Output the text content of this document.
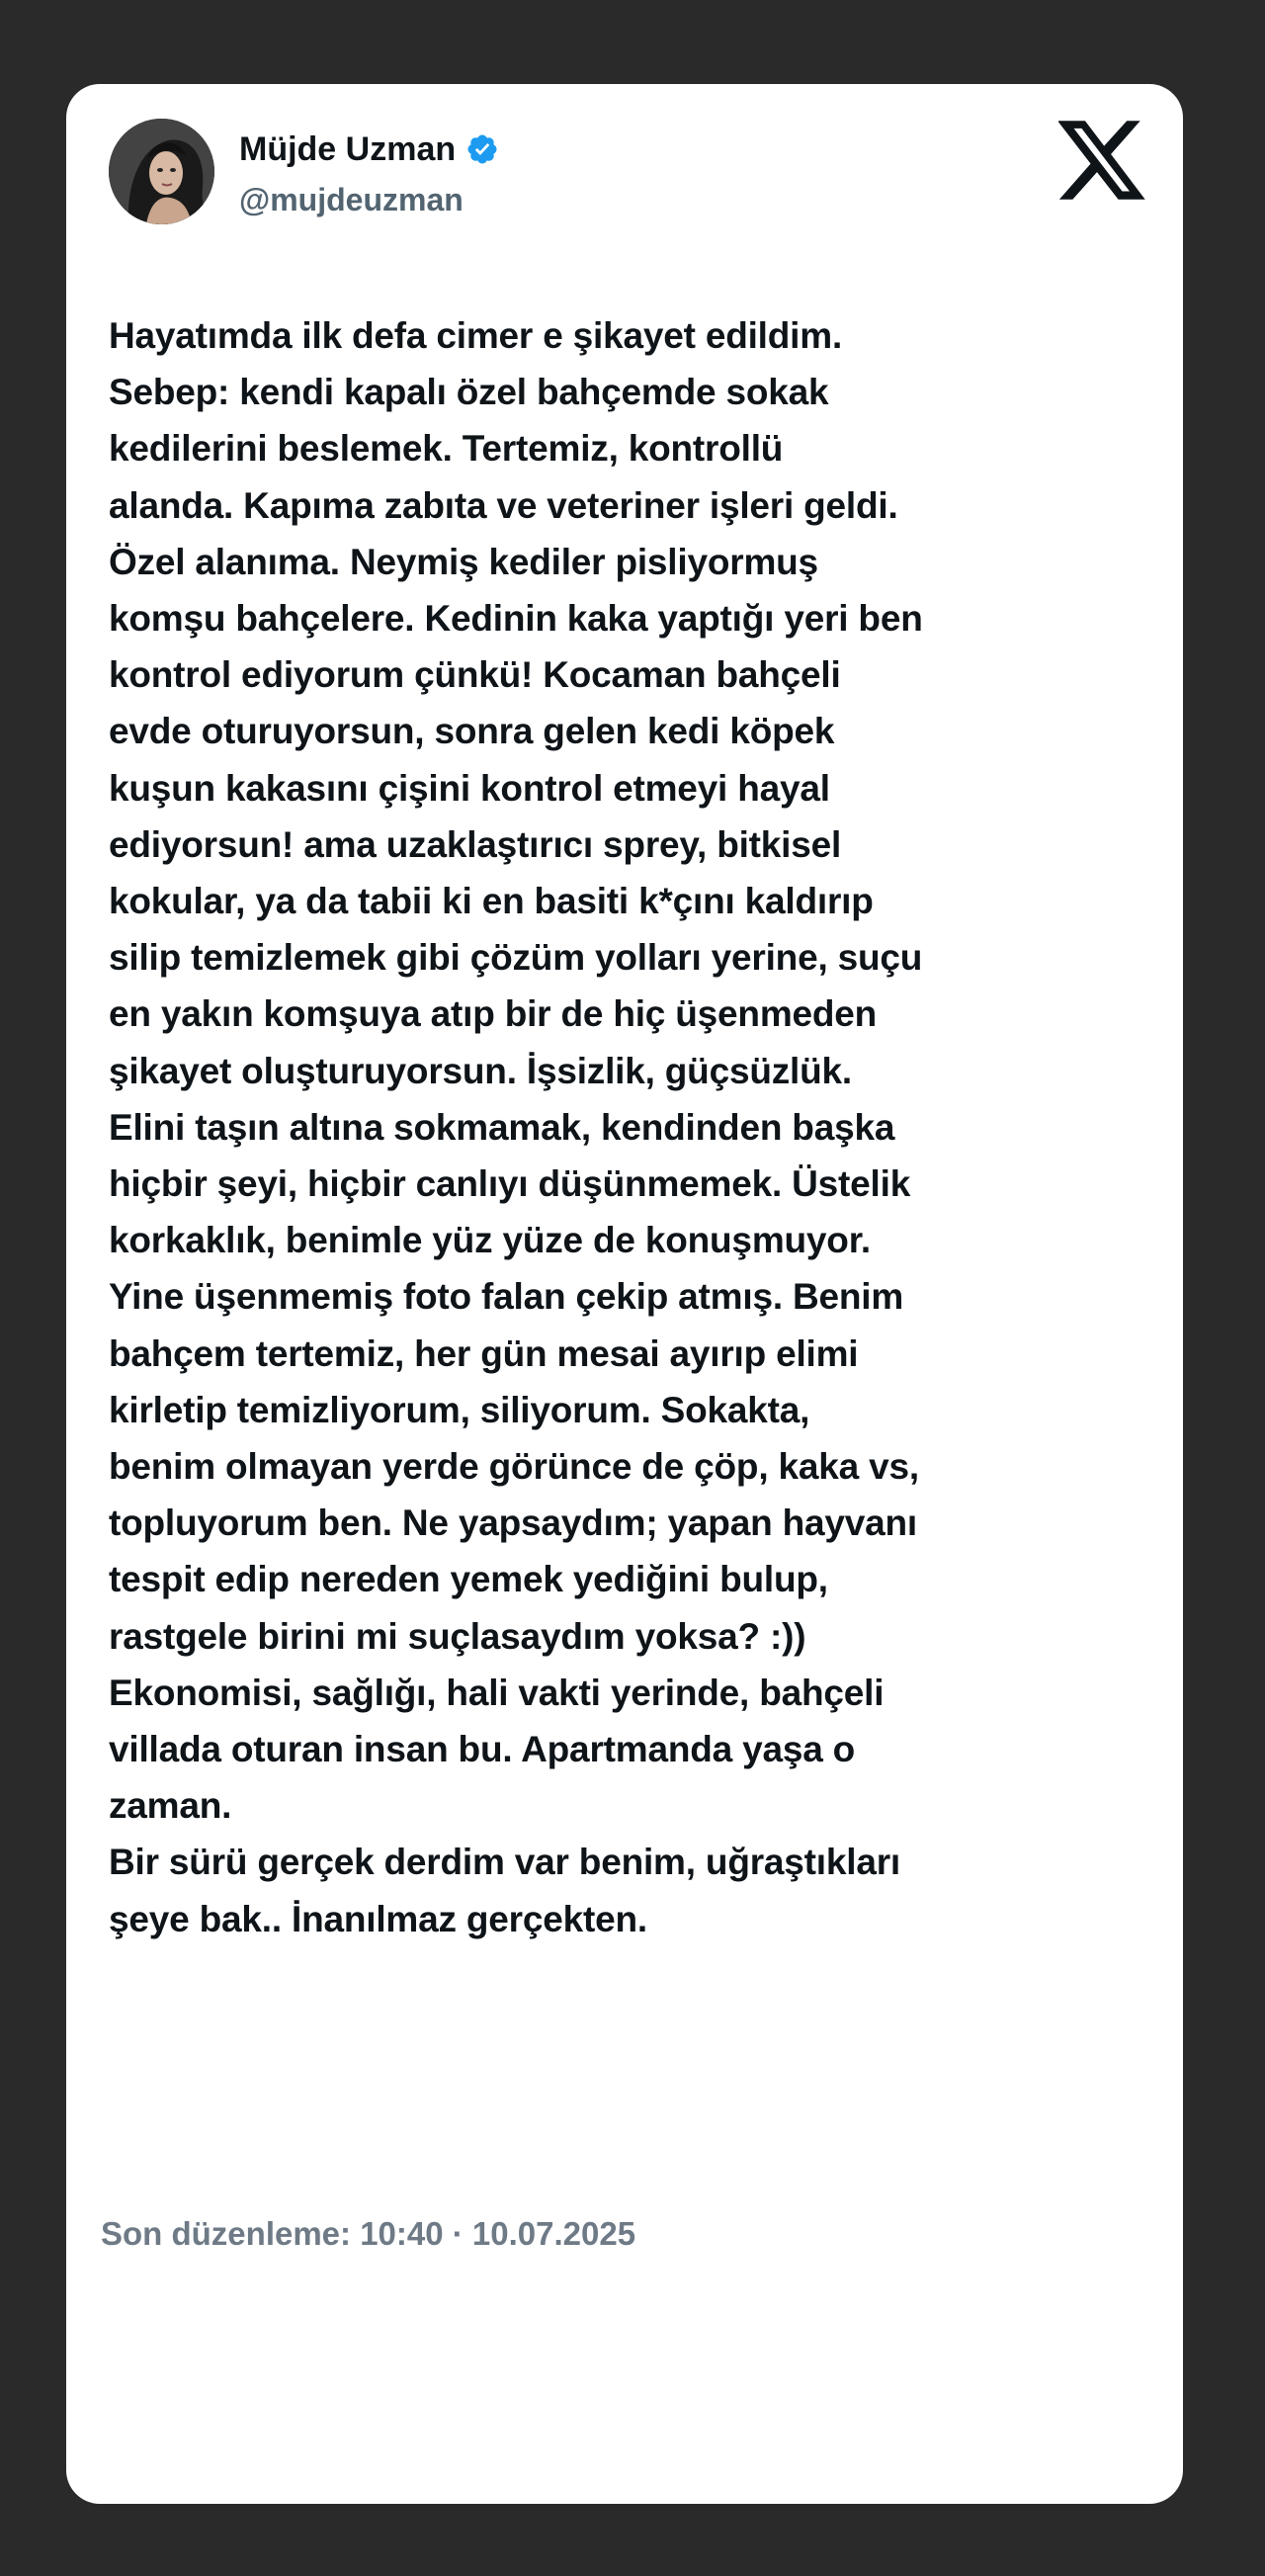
Müjde Uzman
@mujdeuzman
Hayatımda ilk defa cimer e şikayet edildim.
Sebep: kendi kapalı özel bahçemde sokak
kedilerini beslemek. Tertemiz, kontrollü
alanda. Kapıma zabıta ve veteriner işleri geldi.
Özel alanıma. Neymiş kediler pisliyormuş
komşu bahçelere. Kedinin kaka yaptığı yeri ben
kontrol ediyorum çünkü! Kocaman bahçeli
evde oturuyorsun, sonra gelen kedi köpek
kuşun kakasını çişini kontrol etmeyi hayal
ediyorsun! ama uzaklaştırıcı sprey, bitkisel
kokular, ya da tabii ki en basiti k*çını kaldırıp
silip temizlemek gibi çözüm yolları yerine, suçu
en yakın komşuya atıp bir de hiç üşenmeden
şikayet oluşturuyorsun. İşsizlik, güçsüzlük.
Elini taşın altına sokmamak, kendinden başka
hiçbir şeyi, hiçbir canlıyı düşünmemek. Üstelik
korkaklık, benimle yüz yüze de konuşmuyor.
Yine üşenmemiş foto falan çekip atmış. Benim
bahçem tertemiz, her gün mesai ayırıp elimi
kirletip temizliyorum, siliyorum. Sokakta,
benim olmayan yerde görünce de çöp, kaka vs,
topluyorum ben. Ne yapsaydım; yapan hayvanı
tespit edip nereden yemek yediğini bulup,
rastgele birini mi suçlasaydım yoksa? :))
Ekonomisi, sağlığı, hali vakti yerinde, bahçeli
villada oturan insan bu. Apartmanda yaşa o
zaman.
Bir sürü gerçek derdim var benim, uğraştıkları
şeye bak.. İnanılmaz gerçekten.
Son düzenleme: 10:40 · 10.07.2025
